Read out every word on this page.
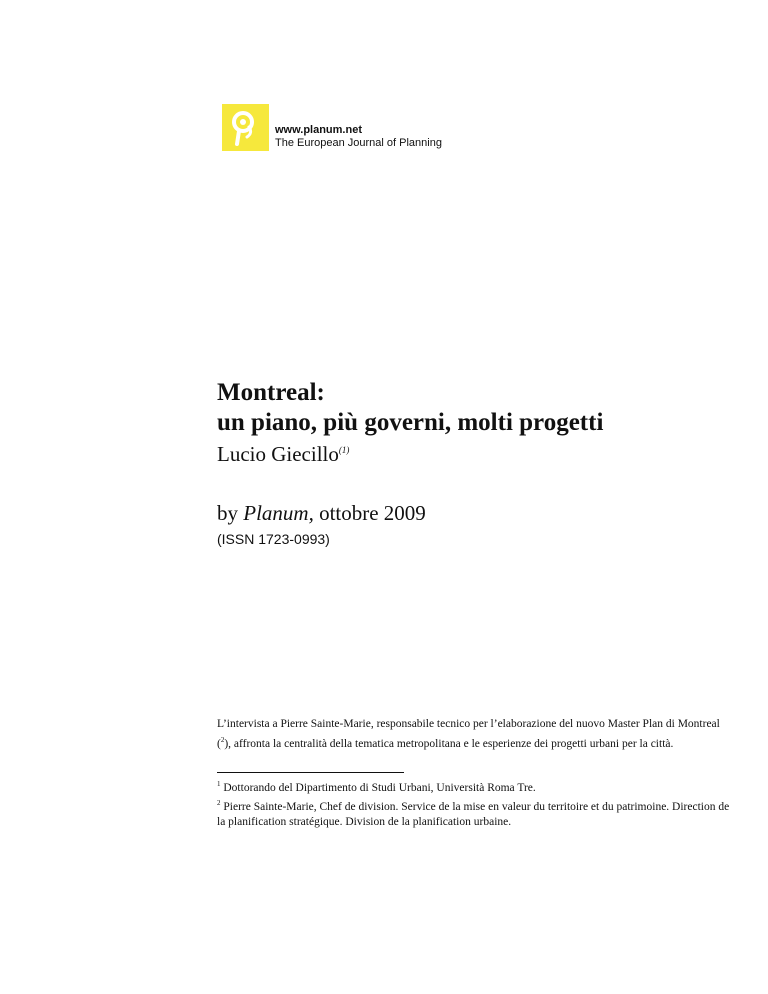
www.planum.net
The European Journal of Planning
Montreal:
un piano, più governi, molti progetti
Lucio Giecillo$^{(1)}$
by Planum, ottobre 2009
(ISSN 1723-0993)

L’intervista a Pierre Sainte-Marie, responsabile tecnico per l’elaborazione del nuovo Master Plan di Montreal ($^2$), affronta la centralità della tematica metropolitana e le esperienze dei progetti urbani per la città.

$^1$ Dottorando del Dipartimento di Studi Urbani, Università Roma Tre.
$^2$ Pierre Sainte-Marie, Chef de division. Service de la mise en valeur du territoire et du patrimoine. Direction de la planification stratégique. Division de la planification urbaine.
